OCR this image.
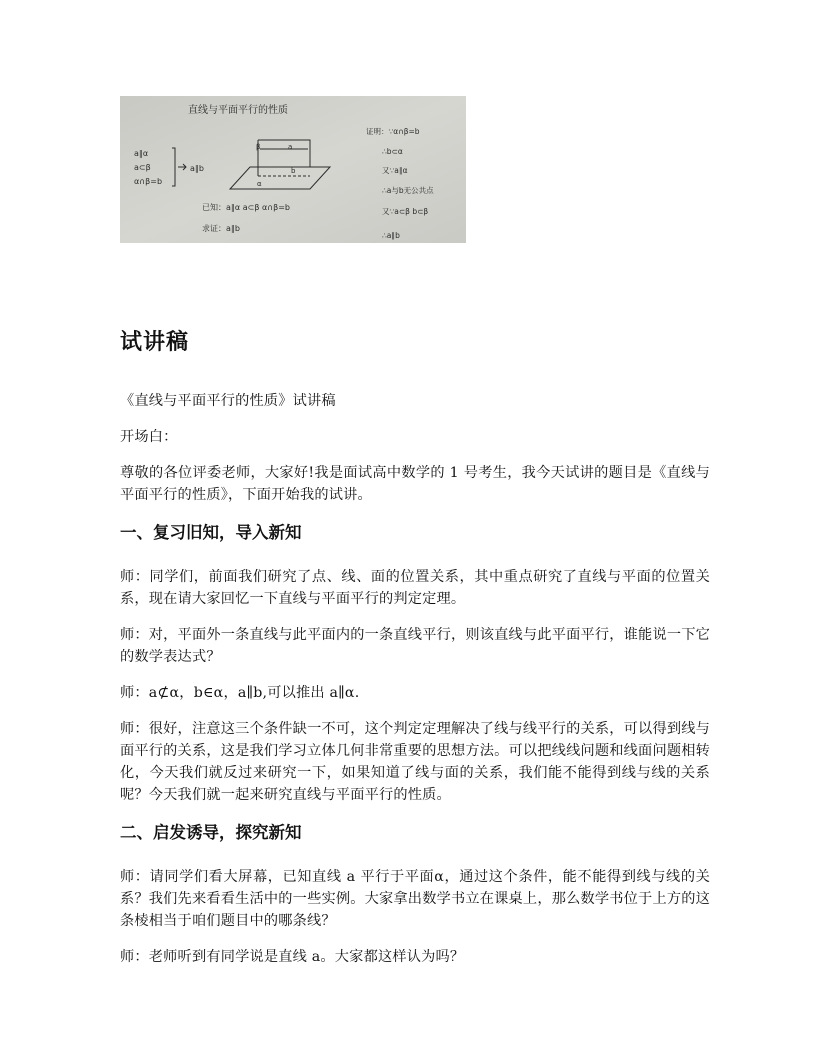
直线与平面平行的性质
a∥α
a⊂β
α∩β=b
a∥b
已知：a∥α a⊂β α∩β=b
求证：a∥b
证明：∵α∩β=b
∴b⊂α
又∵a∥α
∴a与b无公共点
又∵a⊂β b⊂β
∴a∥b
β	a
b
α
试讲稿

《直线与平面平行的性质》试讲稿

开场白：

尊敬的各位评委老师，大家好!我是面试高中数学的 1 号考生，我今天试讲的题目是《直线与平面平行的性质》，下面开始我的试讲。

一、复习旧知，导入新知

师：同学们，前面我们研究了点、线、面的位置关系，其中重点研究了直线与平面的位置关系，现在请大家回忆一下直线与平面平行的判定定理。

师：对，平面外一条直线与此平面内的一条直线平行，则该直线与此平面平行，谁能说一下它的数学表达式？

师：a⊄α，b∈α，a∥b,可以推出 a∥α.

师：很好，注意这三个条件缺一不可，这个判定定理解决了线与线平行的关系，可以得到线与面平行的关系，这是我们学习立体几何非常重要的思想方法。可以把线线问题和线面问题相转化，今天我们就反过来研究一下，如果知道了线与面的关系，我们能不能得到线与线的关系呢？今天我们就一起来研究直线与平面平行的性质。

二、启发诱导，探究新知

师：请同学们看大屏幕，已知直线 a 平行于平面α，通过这个条件，能不能得到线与线的关系？我们先来看看生活中的一些实例。大家拿出数学书立在课桌上，那么数学书位于上方的这条棱相当于咱们题目中的哪条线？

师：老师听到有同学说是直线 a。大家都这样认为吗？
